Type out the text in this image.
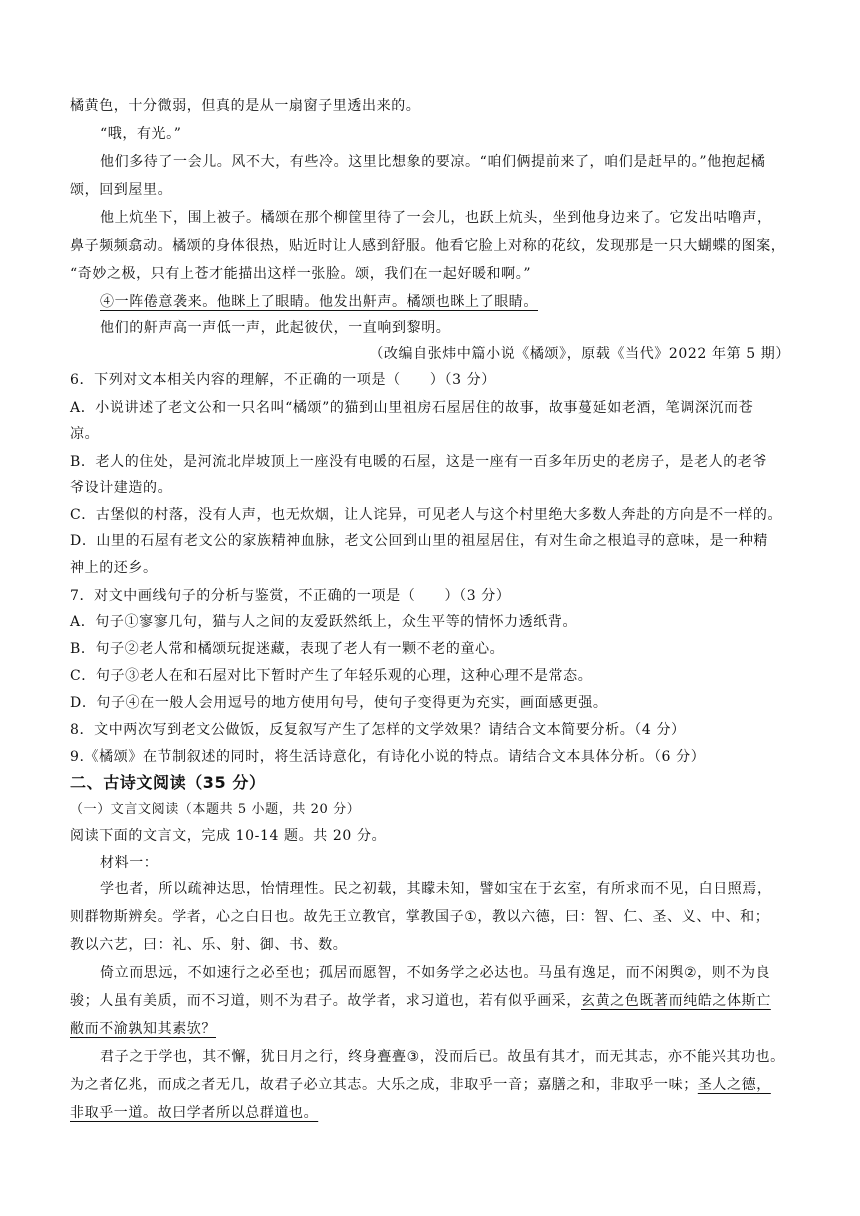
橘黄色，十分微弱，但真的是从一扇窗子里透出来的。
“哦，有光。”
他们多待了一会儿。风不大，有些冷。这里比想象的要凉。“咱们俩提前来了，咱们是赶早的。”他抱起橘
颂，回到屋里。
他上炕坐下，围上被子。橘颂在那个柳筐里待了一会儿，也跃上炕头，坐到他身边来了。它发出咕噜声，
鼻子频频翕动。橘颂的身体很热，贴近时让人感到舒服。他看它脸上对称的花纹，发现那是一只大蝴蝶的图案，
“奇妙之极，只有上苍才能描出这样一张脸。颂，我们在一起好暖和啊。”
④一阵倦意袭来。他眯上了眼睛。他发出鼾声。橘颂也眯上了眼睛。
他们的鼾声高一声低一声，此起彼伏，一直响到黎明。
（改编自张炜中篇小说《橘颂》，原载《当代》2022 年第 5 期）
6．下列对文本相关内容的理解，不正确的一项是（　　）（3 分）
A．小说讲述了老文公和一只名叫“橘颂”的猫到山里祖房石屋居住的故事，故事蔓延如老酒，笔调深沉而苍
凉。
B．老人的住处，是河流北岸坡顶上一座没有电暖的石屋，这是一座有一百多年历史的老房子，是老人的老爷
爷设计建造的。
C．古堡似的村落，没有人声，也无炊烟，让人诧异，可见老人与这个村里绝大多数人奔赴的方向是不一样的。
D．山里的石屋有老文公的家族精神血脉，老文公回到山里的祖屋居住，有对生命之根追寻的意味，是一种精
神上的还乡。
7．对文中画线句子的分析与鉴赏，不正确的一项是（　　）（3 分）
A．句子①寥寥几句，猫与人之间的友爱跃然纸上，众生平等的情怀力透纸背。
B．句子②老人常和橘颂玩捉迷藏，表现了老人有一颗不老的童心。
C．句子③老人在和石屋对比下暂时产生了年轻乐观的心理，这种心理不是常态。
D．句子④在一般人会用逗号的地方使用句号，使句子变得更为充实，画面感更强。
8．文中两次写到老文公做饭，反复叙写产生了怎样的文学效果？请结合文本简要分析。（4 分）
9.《橘颂》在节制叙述的同时，将生活诗意化，有诗化小说的特点。请结合文本具体分析。（6 分）
二、古诗文阅读（35 分）
（一）文言文阅读（本题共 5 小题，共 20 分）
阅读下面的文言文，完成 10-14 题。共 20 分。
材料一：
学也者，所以疏神达思，怡情理性。民之初载，其矇未知，譬如宝在于玄室，有所求而不见，白日照焉，
则群物斯辨矣。学者，心之白日也。故先王立教官，掌教国子①，教以六德，曰：智、仁、圣、义、中、和；
教以六艺，曰：礼、乐、射、御、书、数。
倚立而思远，不如速行之必至也；孤居而愿智，不如务学之必达也。马虽有逸足，而不闲舆②，则不为良
骏；人虽有美质，而不习道，则不为君子。故学者，求习道也，若有似乎画采，玄黄之色既著而纯皓之体斯亡
敝而不渝孰知其素欤？
君子之于学也，其不懈，犹日月之行，终身亹亹③，没而后已。故虽有其才，而无其志，亦不能兴其功也。
为之者亿兆，而成之者无几，故君子必立其志。大乐之成，非取乎一音；嘉膳之和，非取乎一味；圣人之德，
非取乎一道。故曰学者所以总群道也。
